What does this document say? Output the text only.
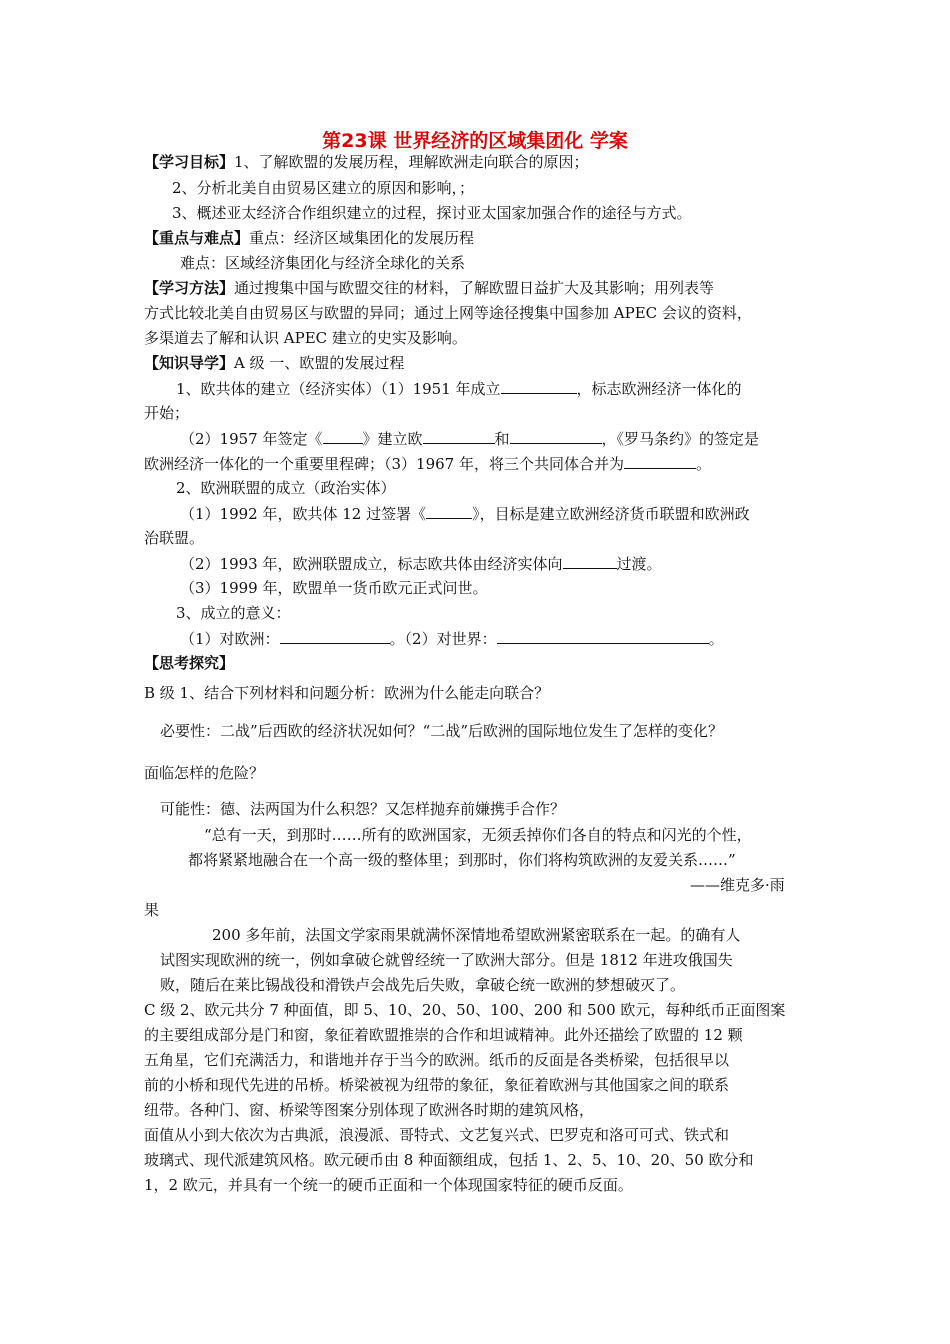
第23课 世界经济的区域集团化 学案
【学习目标】1、了解欧盟的发展历程，理解欧洲走向联合的原因；
2、分析北美自由贸易区建立的原因和影响，；
3、概述亚太经济合作组织建立的过程，探讨亚太国家加强合作的途径与方式。
【重点与难点】重点：经济区域集团化的发展历程
难点：区域经济集团化与经济全球化的关系
【学习方法】通过搜集中国与欧盟交往的材料，了解欧盟日益扩大及其影响；用列表等
方式比较北美自由贸易区与欧盟的异同；通过上网等途径搜集中国参加 APEC 会议的资料，
多渠道去了解和认识 APEC 建立的史实及影响。
【知识导学】A 级 一、欧盟的发展过程
1、欧共体的建立（经济实体）（1）1951 年成立	，标志欧洲经济一体化的
开始；
（2）1957 年签定《	》建立欧	和	，《罗马条约》的签定是
欧洲经济一体化的一个重要里程碑；（3）1967 年，将三个共同体合并为	。
2、欧洲联盟的成立（政治实体）
（1）1992 年，欧共体 12 过签署《	》，目标是建立欧洲经济货币联盟和欧洲政
治联盟。
（2）1993 年，欧洲联盟成立，标志欧共体由经济实体向	过渡。
（3）1999 年，欧盟单一货币欧元正式问世。
3、成立的意义：
（1）对欧洲：	。（2）对世界：	。
【思考探究】
B 级 1、结合下列材料和问题分析：欧洲为什么能走向联合？
必要性：二战”后西欧的经济状况如何？“二战”后欧洲的国际地位发生了怎样的变化？
面临怎样的危险？
可能性：德、法两国为什么积怨？又怎样抛弃前嫌携手合作？
“总有一天，到那时……所有的欧洲国家，无须丢掉你们各自的特点和闪光的个性，
都将紧紧地融合在一个高一级的整体里；到那时，你们将构筑欧洲的友爱关系……”
——维克多·雨
果
200 多年前，法国文学家雨果就满怀深情地希望欧洲紧密联系在一起。的确有人
试图实现欧洲的统一，例如拿破仑就曾经统一了欧洲大部分。但是 1812 年进攻俄国失
败，随后在莱比锡战役和滑铁卢会战先后失败，拿破仑统一欧洲的梦想破灭了。
C 级 2、欧元共分 7 种面值，即 5、10、20、50、100、200 和 500 欧元，每种纸币正面图案
的主要组成部分是门和窗，象征着欧盟推崇的合作和坦诚精神。此外还描绘了欧盟的 12 颗
五角星，它们充满活力，和谐地并存于当今的欧洲。纸币的反面是各类桥梁，包括很早以
前的小桥和现代先进的吊桥。桥梁被视为纽带的象征，象征着欧洲与其他国家之间的联系
纽带。各种门、窗、桥梁等图案分别体现了欧洲各时期的建筑风格，
面值从小到大依次为古典派，浪漫派、哥特式、文艺复兴式、巴罗克和洛可可式、铁式和
玻璃式、现代派建筑风格。欧元硬币由 8 种面额组成，包括 1、2、5、10、20、50 欧分和
1，2 欧元，并具有一个统一的硬币正面和一个体现国家特征的硬币反面。
